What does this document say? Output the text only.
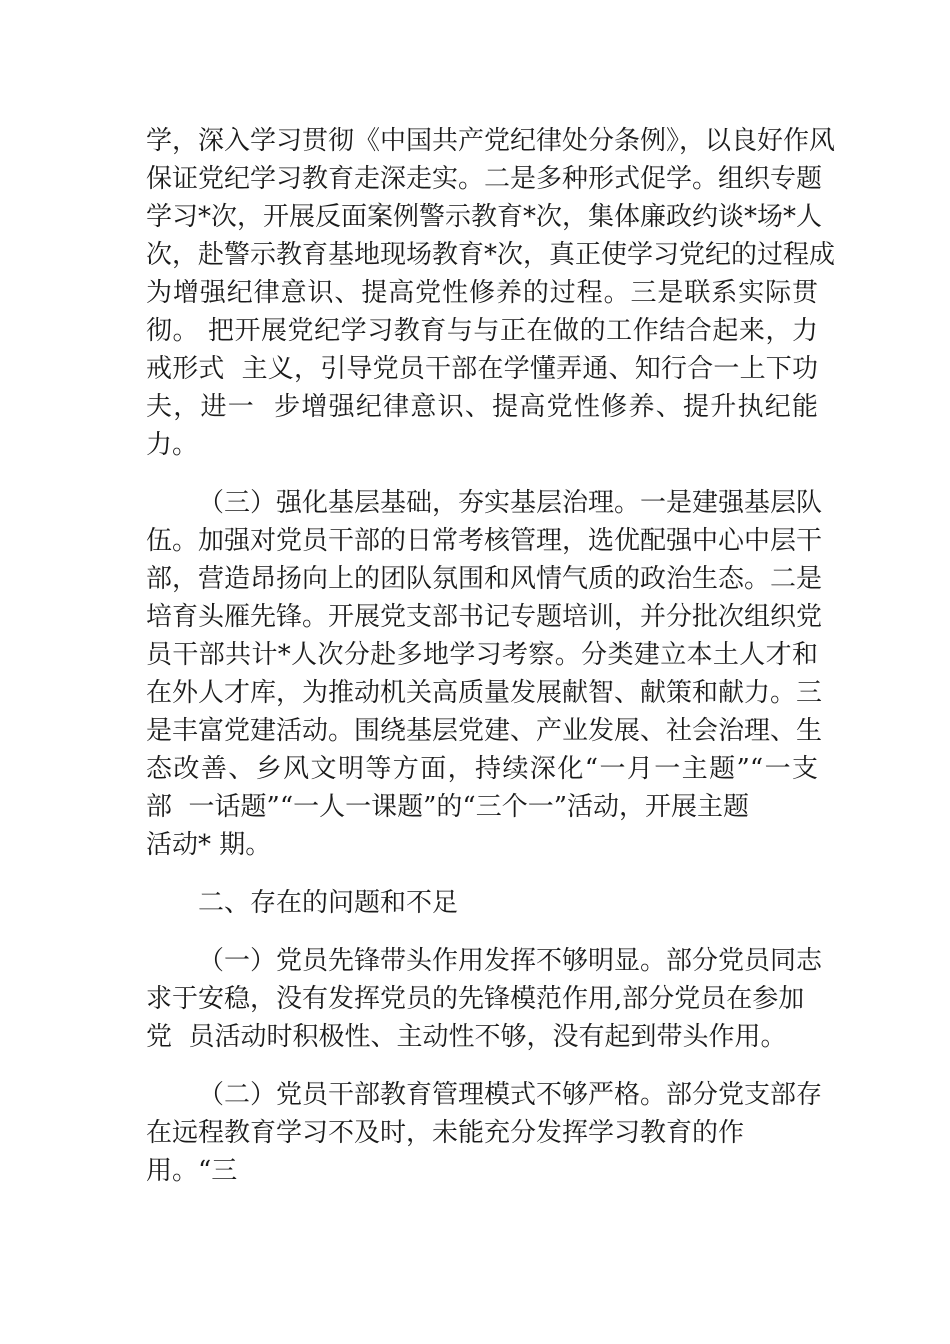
学，深入学习贯彻《中国共产党纪律处分条例》，以良好作风
保证党纪学习教育走深走实。二是多种形式促学。组织专题
学习*次，开展反面案例警示教育*次，集体廉政约谈*场*人
次，赴警示教育基地现场教育*次，真正使学习党纪的过程成
为增强纪律意识、提高党性修养的过程。三是联系实际贯
彻。 把开展党纪学习教育与与正在做的工作结合起来，力
戒形式  主义，引导党员干部在学懂弄通、知行合一上下功
夫，进一  步增强纪律意识、提高党性修养、提升执纪能
力。
（三）强化基层基础，夯实基层治理。一是建强基层队
伍。加强对党员干部的日常考核管理，选优配强中心中层干
部，营造昂扬向上的团队氛围和风情气质的政治生态。二是
培育头雁先锋。开展党支部书记专题培训，并分批次组织党
员干部共计*人次分赴多地学习考察。分类建立本土人才和
在外人才库，为推动机关高质量发展献智、献策和献力。三
是丰富党建活动。围绕基层党建、产业发展、社会治理、生
态改善、乡风文明等方面，持续深化“一月一主题”“一支
部  一话题”“一人一课题”的“三个一”活动，开展主题
活动* 期。
二、存在的问题和不足
（一）党员先锋带头作用发挥不够明显。部分党员同志
求于安稳，没有发挥党员的先锋模范作用,部分党员在参加
党  员活动时积极性、主动性不够，没有起到带头作用。
（二）党员干部教育管理模式不够严格。部分党支部存
在远程教育学习不及时，未能充分发挥学习教育的作
用。“三
